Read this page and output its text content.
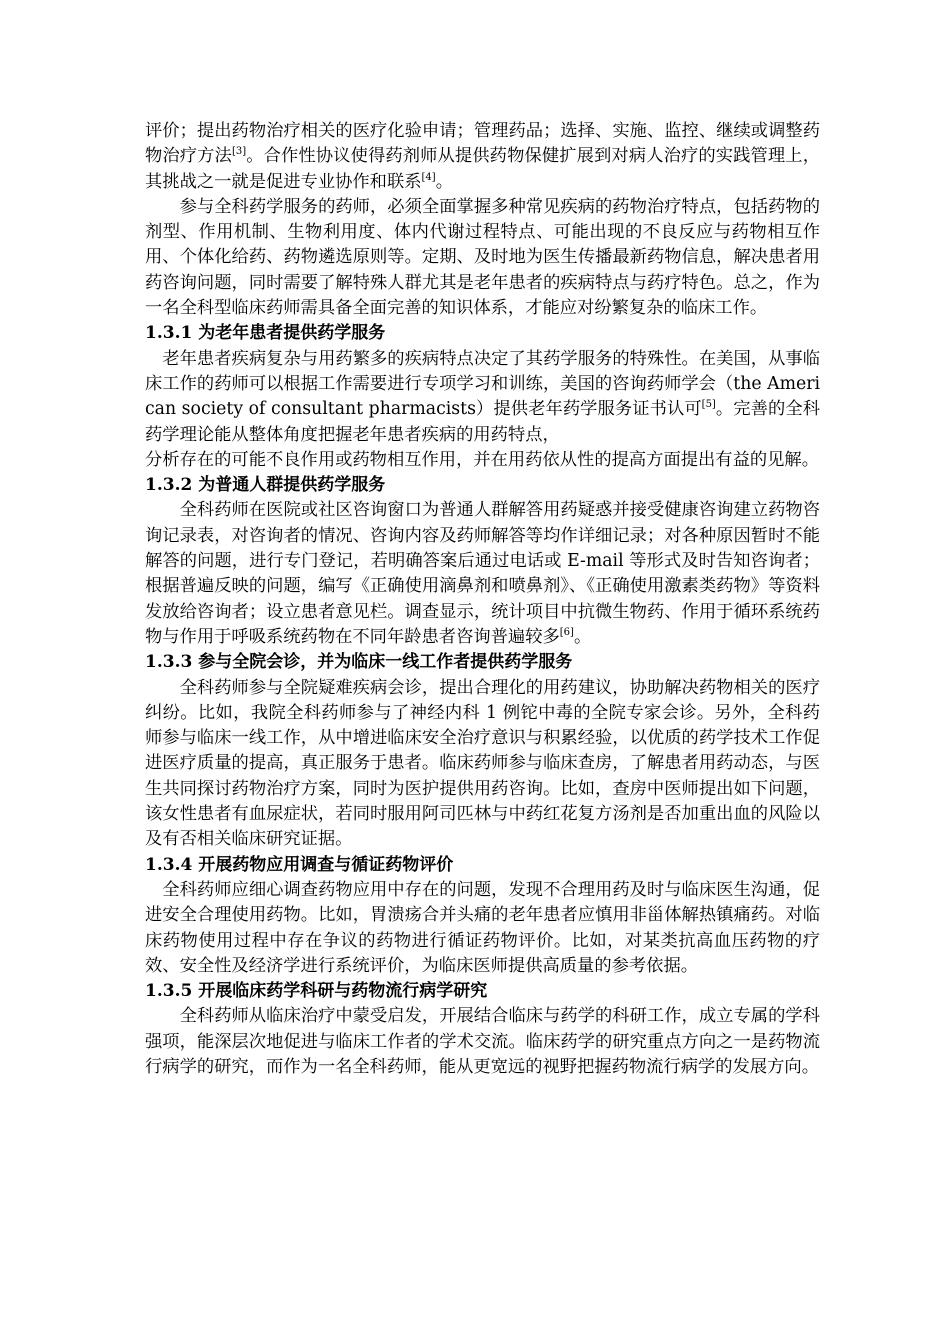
评价；提出药物治疗相关的医疗化验申请；管理药品；选择、实施、监控、继续或调整药物治疗方法[3]。合作性协议使得药剂师从提供药物保健扩展到对病人治疗的实践管理上，其挑战之一就是促进专业协作和联系[4]。

参与全科药学服务的药师，必须全面掌握多种常见疾病的药物治疗特点，包括药物的剂型、作用机制、生物利用度、体内代谢过程特点、可能出现的不良反应与药物相互作用、个体化给药、药物遴选原则等。定期、及时地为医生传播最新药物信息，解决患者用药咨询问题，同时需要了解特殊人群尤其是老年患者的疾病特点与药疗特色。总之，作为一名全科型临床药师需具备全面完善的知识体系，才能应对纷繁复杂的临床工作。

1.3.1 为老年患者提供药学服务

老年患者疾病复杂与用药繁多的疾病特点决定了其药学服务的特殊性。在美国，从事临床工作的药师可以根据工作需要进行专项学习和训练，美国的咨询药师学会（the American society of consultant pharmacists）提供老年药学服务证书认可[5]。完善的全科药学理论能从整体角度把握老年患者疾病的用药特点，

分析存在的可能不良作用或药物相互作用，并在用药依从性的提高方面提出有益的见解。

1.3.2 为普通人群提供药学服务

全科药师在医院或社区咨询窗口为普通人群解答用药疑惑并接受健康咨询建立药物咨询记录表，对咨询者的情况、咨询内容及药师解答等均作详细记录；对各种原因暂时不能解答的问题，进行专门登记，若明确答案后通过电话或 E-mail 等形式及时告知咨询者；根据普遍反映的问题，编写《正确使用滴鼻剂和喷鼻剂》、《正确使用激素类药物》等资料发放给咨询者；设立患者意见栏。调查显示，统计项目中抗微生物药、作用于循环系统药物与作用于呼吸系统药物在不同年龄患者咨询普遍较多[6]。

1.3.3 参与全院会诊，并为临床一线工作者提供药学服务

全科药师参与全院疑难疾病会诊，提出合理化的用药建议，协助解决药物相关的医疗纠纷。比如，我院全科药师参与了神经内科 1 例铊中毒的全院专家会诊。另外，全科药师参与临床一线工作，从中增进临床安全治疗意识与积累经验，以优质的药学技术工作促进医疗质量的提高，真正服务于患者。临床药师参与临床查房，了解患者用药动态，与医生共同探讨药物治疗方案，同时为医护提供用药咨询。比如，查房中医师提出如下问题，该女性患者有血尿症状，若同时服用阿司匹林与中药红花复方汤剂是否加重出血的风险以及有否相关临床研究证据。

1.3.4 开展药物应用调查与循证药物评价

全科药师应细心调查药物应用中存在的问题，发现不合理用药及时与临床医生沟通，促进安全合理使用药物。比如，胃溃疡合并头痛的老年患者应慎用非甾体解热镇痛药。对临床药物使用过程中存在争议的药物进行循证药物评价。比如，对某类抗高血压药物的疗效、安全性及经济学进行系统评价，为临床医师提供高质量的参考依据。

1.3.5 开展临床药学科研与药物流行病学研究

全科药师从临床治疗中蒙受启发，开展结合临床与药学的科研工作，成立专属的学科强项，能深层次地促进与临床工作者的学术交流。临床药学的研究重点方向之一是药物流行病学的研究，而作为一名全科药师，能从更宽远的视野把握药物流行病学的发展方向。
